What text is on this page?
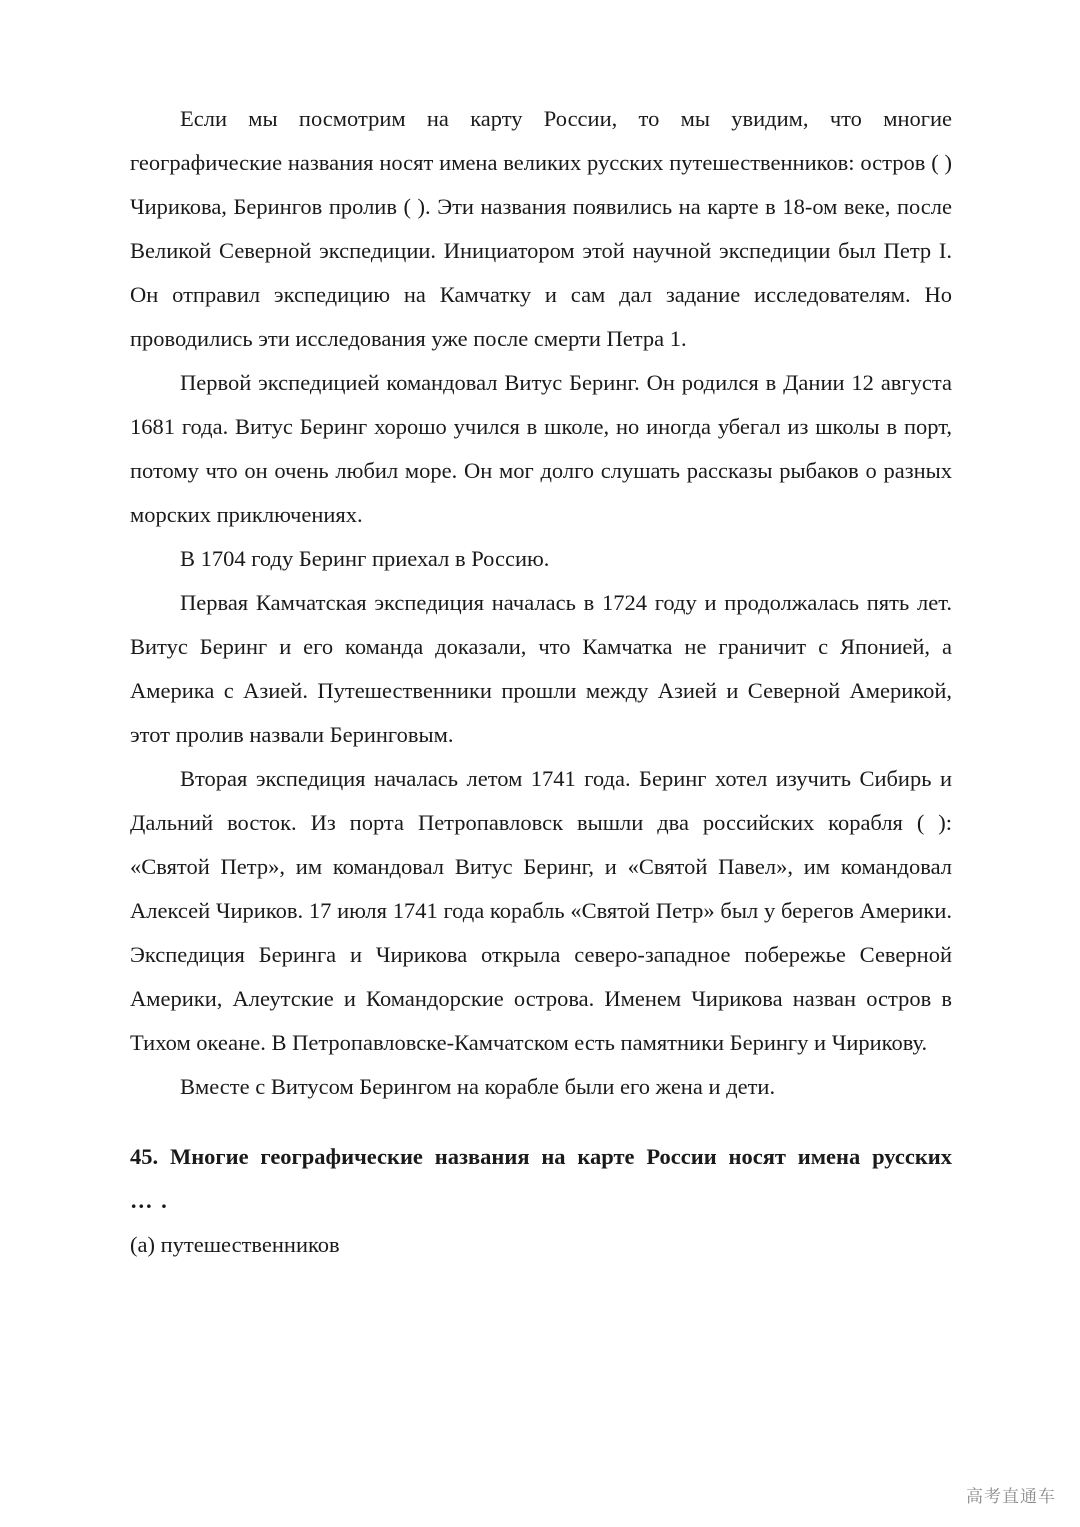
Если мы посмотрим на карту России, то мы увидим, что многие географические названия носят имена великих русских путешественников: остров ( ) Чирикова, Берингов пролив ( ). Эти названия появились на карте в 18-ом веке, после Великой Северной экспедиции. Инициатором этой научной экспедиции был Петр I. Он отправил экспедицию на Камчатку и сам дал задание исследователям. Но проводились эти исследования уже после смерти Петра 1.

Первой экспедицией командовал Витус Беринг. Он родился в Дании 12 августа 1681 года. Витус Беринг хорошо учился в школе, но иногда убегал из школы в порт, потому что он очень любил море. Он мог долго слушать рассказы рыбаков о разных морских приключениях.

В 1704 году Беринг приехал в Россию.

Первая Камчатская экспедиция началась в 1724 году и продолжалась пять лет. Витус Беринг и его команда доказали, что Камчатка не граничит с Японией, а Америка с Азией. Путешественники прошли между Азией и Северной Америкой, этот пролив назвали Беринговым.

Вторая экспедиция началась летом 1741 года. Беринг хотел изучить Сибирь и Дальний восток. Из порта Петропавловск вышли два российских корабля ( ): «Святой Петр», им командовал Витус Беринг, и «Святой Павел», им командовал Алексей Чириков. 17 июля 1741 года корабль «Святой Петр» был у берегов Америки. Экспедиция Беринга и Чирикова открыла северо-западное побережье Северной Америки, Алеутские и Командорские острова. Именем Чирикова назван остров в Тихом океане. В Петропавловске-Камчатском есть памятники Берингу и Чирикову.

Вместе с Витусом Берингом на корабле были его жена и дети.

45. Многие географические названия на карте России носят имена русских … .

(а) путешественников

高考直通车
